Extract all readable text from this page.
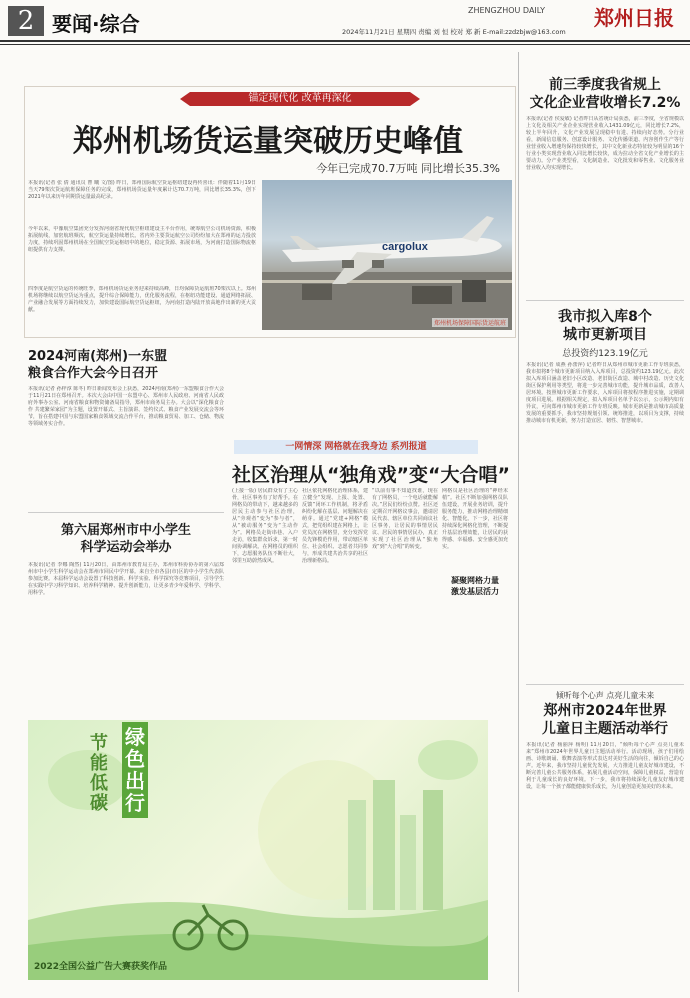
2 要闻·综合
ZHENGZHOU DAILY 郑州日报
2024年11月21日 星期四 责编 刘 恒 校对 郑 新 E-mail:zzdzbjw@163.com
锚定现代化 改革再深化
郑州机场货运量突破历史峰值
今年已完成70.7万吨 同比增长35.3%
本报讯(记者 张 倩 通讯员 曹 曦 文/图) 昨日，郑州国际航空货运枢纽建设再传喜讯：伴随着11月19日当天79架次货运航班保障任务的完成，郑州机场货运量年度累计达70.7万吨，同比增长35.3%，创下2021年以来历年同期货运量最高纪录。
今年以来，中豫航空集团充分发挥河南省现代航空枢纽建设主平台作用，统筹航空公司机场资源，积极拓展航线，加密航班频次，航空货运量持续增长。省内外主要货运航空公司纷纷加大在郑州的运力投放力度，持续巩固郑州机场在全国航空货运枢纽中的地位，稳定货源、拓展市场，为河南打造国际物流枢纽提供有力支撑。
四季度是航空货运的传统旺季，郑州机场货运业务迎来持续高峰，日均保障货运航班70架次以上。郑州机场将继续以航空货运为重点，提升综合保障能力，优化服务流程，在枢纽功能建设、通道网络拓展、产业融合发展等方面持续发力，加快建设国际航空货运枢纽，为河南打造内陆开放高地作出新的更大贡献。
cargolux
郑州机场保障国际货运航班
2024河南(郑州)一东盟
粮食合作大会今日召开
本报讯(记者 孙梓淳 陈冬) 昨日新闻发布会上获悉，2024河南(郑州)一东盟粮食合作大会于11月21日在郑州召开。本次大会由中国一东盟中心、郑州市人民政府、河南省人民政府外事办公室、河南省粮食和物资储备局指导，郑州市商务局主办。大会以“深化粮食合作 共建繁荣家园”为主题，设置开幕式、主旨演讲、签约仪式、粮食产业发展交流会等环节，旨在搭建中国与东盟国家粮食领域交流合作平台，推动粮食贸易、加工、仓储、物流等领域务实合作。
第六届郑州市中小学生
科学运动会举办
本报讯(记者 李娜 陶然) 11月20日，由郑州市教育局主办，郑州市科协协办的第六届郑州市中小学生科学运动会在郑州市回民中学开幕。来自全市各县(市)区的中小学生代表队参加比赛。本届科学运动会设置了科技创新、科学实验、科学探究等竞赛项目，引导学生在实践中学习科学知识、培养科学精神、提升创新能力，让更多青少年爱科学、学科学、用科学。
一网情深 网格就在我身边 系列报道
社区治理从“独角戏”变“大合唱”
(上接一版) 居民群众有了主心骨，社区事务有了好帮手。在网格员的带动下，越来越多的居民主动参与社区治理，从“旁观者”变为“参与者”，从“被动服务”变为“主动作为”。网格员走街串巷、入户走访，收集群众诉求，第一时间协调解决。在网格员的组织下，志愿服务队伍不断壮大，邻里互助蔚然成风。
社区依托网格化治理体系，建立健全“发现、上报、处置、反馈”闭环工作机制，将矛盾纠纷化解在基层、问题解决在萌芽。通过“党建+网格”模式，把党组织建在网格上，让党员沉在网格里，充分发挥党员先锋模范作用，带动辖区单位、社会组织、志愿者共同参与，形成共建共治共享的社区治理新格局。
“以前有事不知道找谁，现在有了网格员，一个电话就能解决。”居民们纷纷点赞。社区还定期召开网格议事会，邀请居民代表、辖区单位共同商议社区事务，让居民的事情居民议、居民的事情居民办，真正实现了社区治理从“独角戏”到“大合唱”的转变。
凝聚网格力量
激发基层活力
网格员是社区治理的“神经末梢”。社区不断加强网格员队伍建设，开展业务培训，提升服务能力，推动网格治理精细化、智能化。下一步，社区将持续深化网格化管理，不断提升基层治理效能，让居民的获得感、幸福感、安全感更加充实。
节能
低碳
绿色
出行
2022全国公益广告大赛获奖作品
前三季度我省规上
文化企业营收增长7.2%
本报讯(记者 侯爱敏) 记者昨日从省统计局获悉，前三季度，全省规模以上文化及相关产业企业实现营业收入1431.09亿元，同比增长7.2%，较上半年回升，文化产业发展呈现稳中有进、持续向好态势。分行业看，新闻信息服务、创意设计服务、文化传播渠道、内容创作生产等行业营业收入增速均保持较快增长，其中文化新业态特征较为明显的16个行业小类实现营业收入同比增长较快，成为拉动全省文化产业增长的主要动力。分产业类型看，文化制造业、文化批发和零售业、文化服务业营业收入均实现增长。
我市拟入库8个
城市更新项目
总投资约123.19亿元
本报讯(记者 成燕 孙蕾萍) 记者昨日从郑州市城市更新工作专班获悉，我市拟将8个城市更新项目纳入入库项目，总投资约123.19亿元。此次拟入库项目涵盖老旧小区改造、老旧街区改造、城中村改造、历史文化街区保护利用等类型，将进一步完善城市功能，提升城市品质，改善人居环境。按照城市更新工作要求，入库项目将按程序推进实施，定期调度项目进展。根据相关规定，拟入库项目名单予以公示，公示期内如有异议，可向郑州市城市更新工作专班反映。城市更新是推动城市高质量发展的重要抓手，我市坚持规划引领、统筹推进，以项目为支撑，持续推动城市有机更新，努力打造宜居、韧性、智慧城市。
倾听每个心声 点亮儿童未来
郑州市2024年世界
儿童日主题活动举行
本报讯(记者 杨丽萍 杨明) 11月20日，“倾听每个心声 点亮儿童未来”郑州市2024年世界儿童日主题活动举行。活动现场，孩子们用绘画、诗歌朗诵、歌舞表演等形式表达对美好生活的向往，倾诉自己的心声。近年来，我市坚持儿童优先发展，大力推进儿童友好城市建设，不断完善儿童公共服务体系，拓展儿童活动空间，保障儿童权益，营造有利于儿童成长的良好环境。下一步，我市将持续深化儿童友好城市建设，让每一个孩子都能健康快乐成长，为儿童创造更加美好的未来。
